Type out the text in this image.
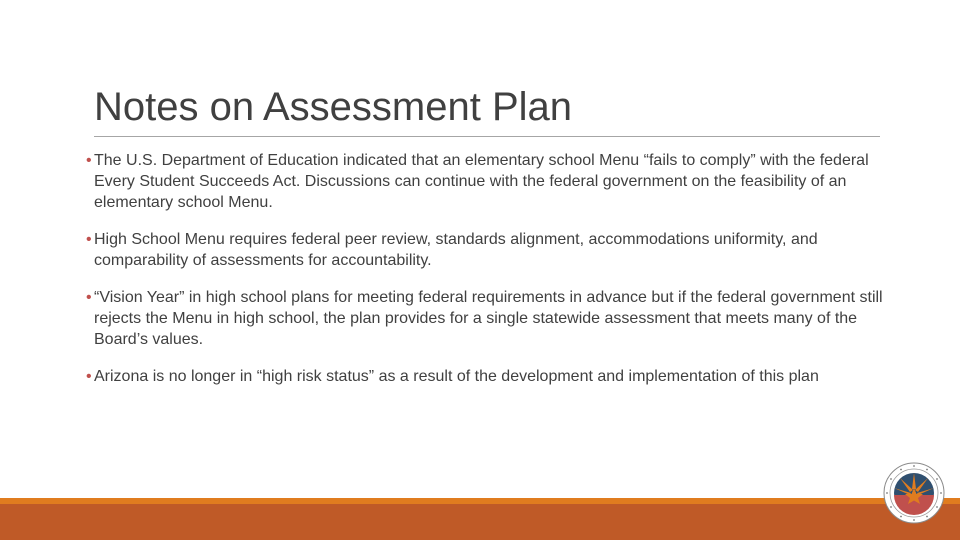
Notes on Assessment Plan
• The U.S. Department of Education indicated that an elementary school Menu “fails to comply” with the federal Every Student Succeeds Act. Discussions can continue with the federal government on the feasibility of an elementary school Menu.
• High School Menu requires federal peer review, standards alignment, accommodations uniformity, and comparability of assessments for accountability.
• “Vision Year” in high school plans for meeting federal requirements in advance but if the federal government still rejects the Menu in high school, the plan provides for a single statewide assessment that meets many of the Board’s values.
• Arizona is no longer in “high risk status” as a result of the development and implementation of this plan
